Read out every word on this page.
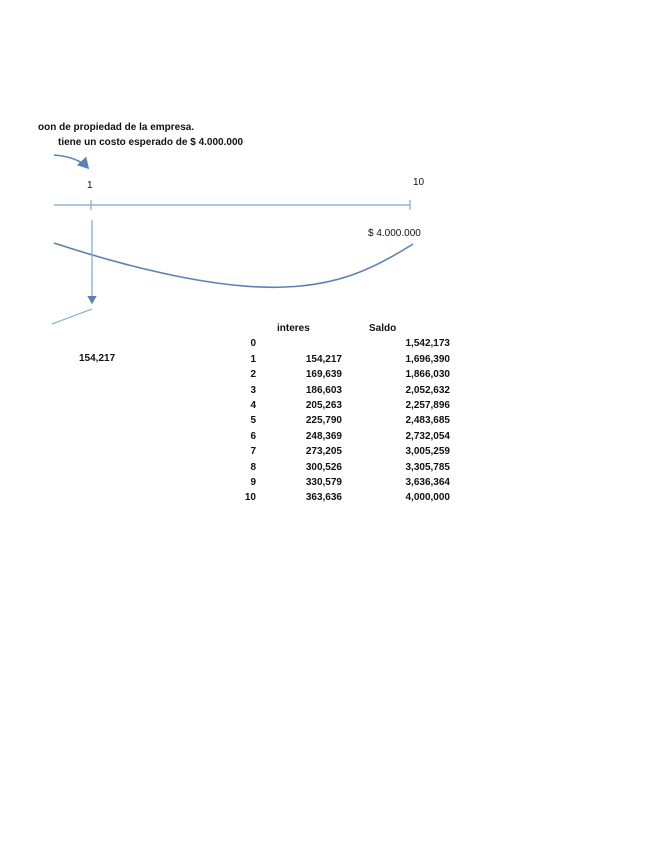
oon de propiedad de la empresa.
tiene un costo esperado de $ 4.000.000
1	10
$ 4.000.000
154,217
	interes	Saldo
0		1,542,173
1	154,217	1,696,390
2	169,639	1,866,030
3	186,603	2,052,632
4	205,263	2,257,896
5	225,790	2,483,685
6	248,369	2,732,054
7	273,205	3,005,259
8	300,526	3,305,785
9	330,579	3,636,364
10	363,636	4,000,000
